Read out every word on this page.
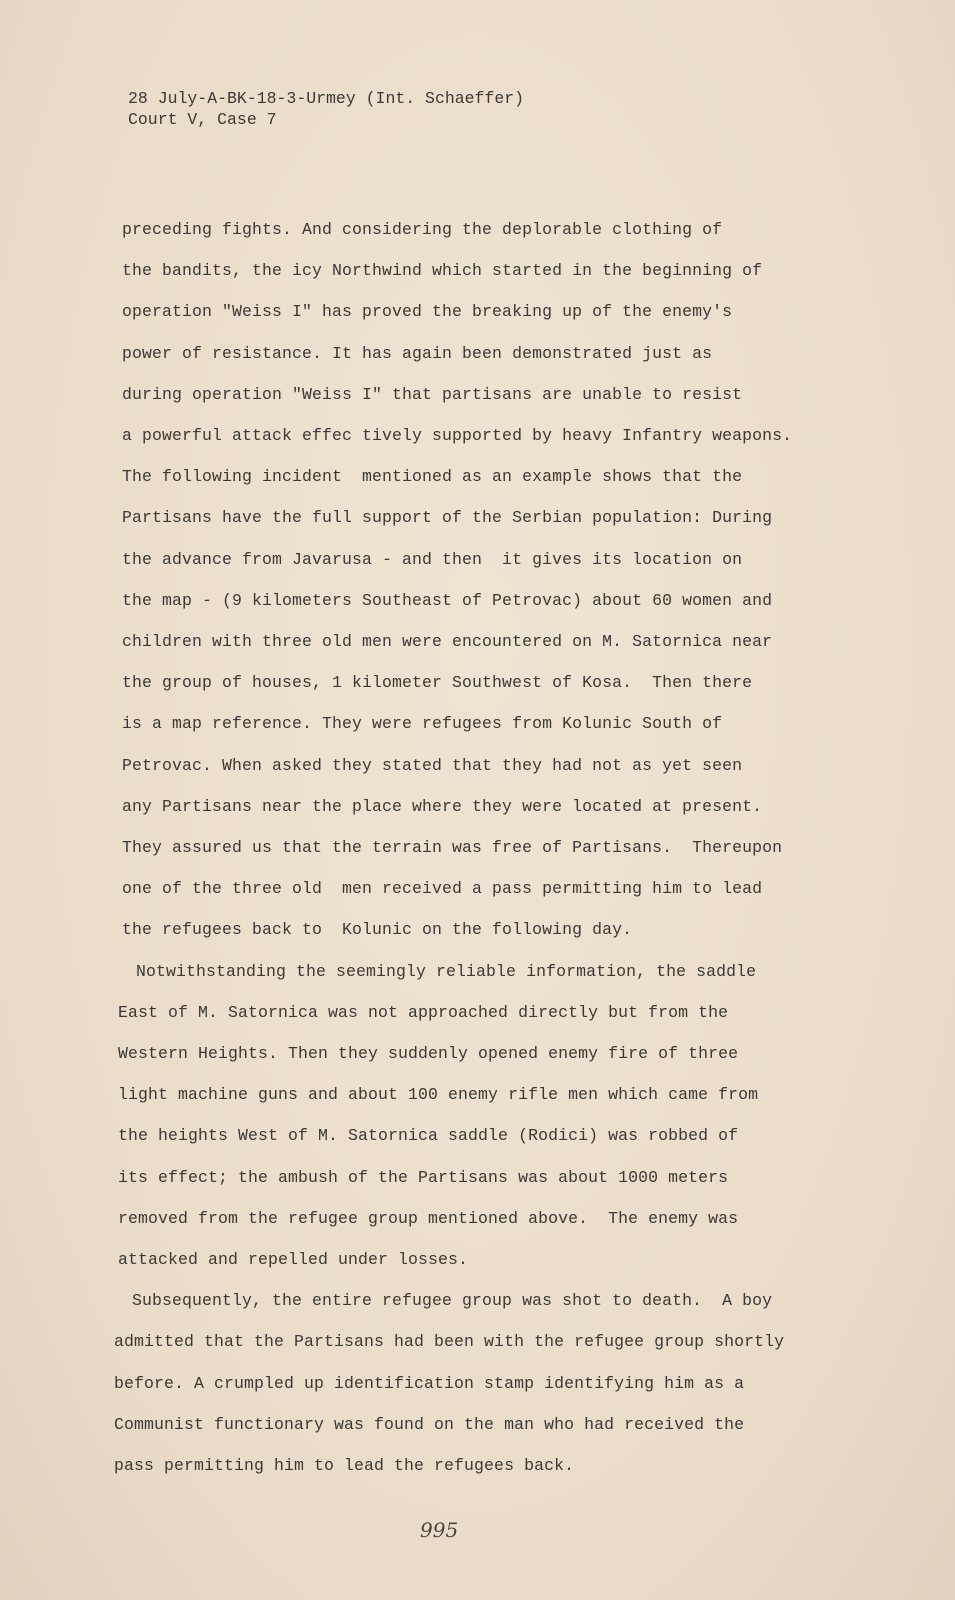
28 July-A-BK-18-3-Urmey (Int. Schaeffer)
Court V, Case 7
preceding fights. And considering the deplorable clothing of
the bandits, the icy Northwind which started in the beginning of
operation "Weiss I" has proved the breaking up of the enemy's
power of resistance. It has again been demonstrated just as
during operation "Weiss I" that partisans are unable to resist
a powerful attack effec tively supported by heavy Infantry weapons.
The following incident  mentioned as an example shows that the
Partisans have the full support of the Serbian population: During
the advance from Javarusa - and then  it gives its location on
the map - (9 kilometers Southeast of Petrovac) about 60 women and
children with three old men were encountered on M. Satornica near
the group of houses, 1 kilometer Southwest of Kosa.  Then there
is a map reference. They were refugees from Kolunic South of
Petrovac. When asked they stated that they had not as yet seen
any Partisans near the place where they were located at present.
They assured us that the terrain was free of Partisans.  Thereupon
one of the three old  men received a pass permitting him to lead
the refugees back to  Kolunic on the following day.
Notwithstanding the seemingly reliable information, the saddle
East of M. Satornica was not approached directly but from the
Western Heights. Then they suddenly opened enemy fire of three
light machine guns and about 100 enemy rifle men which came from
the heights West of M. Satornica saddle (Rodici) was robbed of
its effect; the ambush of the Partisans was about 1000 meters
removed from the refugee group mentioned above.  The enemy was
attacked and repelled under losses.
Subsequently, the entire refugee group was shot to death.  A boy
admitted that the Partisans had been with the refugee group shortly
before. A crumpled up identification stamp identifying him as a
Communist functionary was found on the man who had received the
pass permitting him to lead the refugees back.
995
